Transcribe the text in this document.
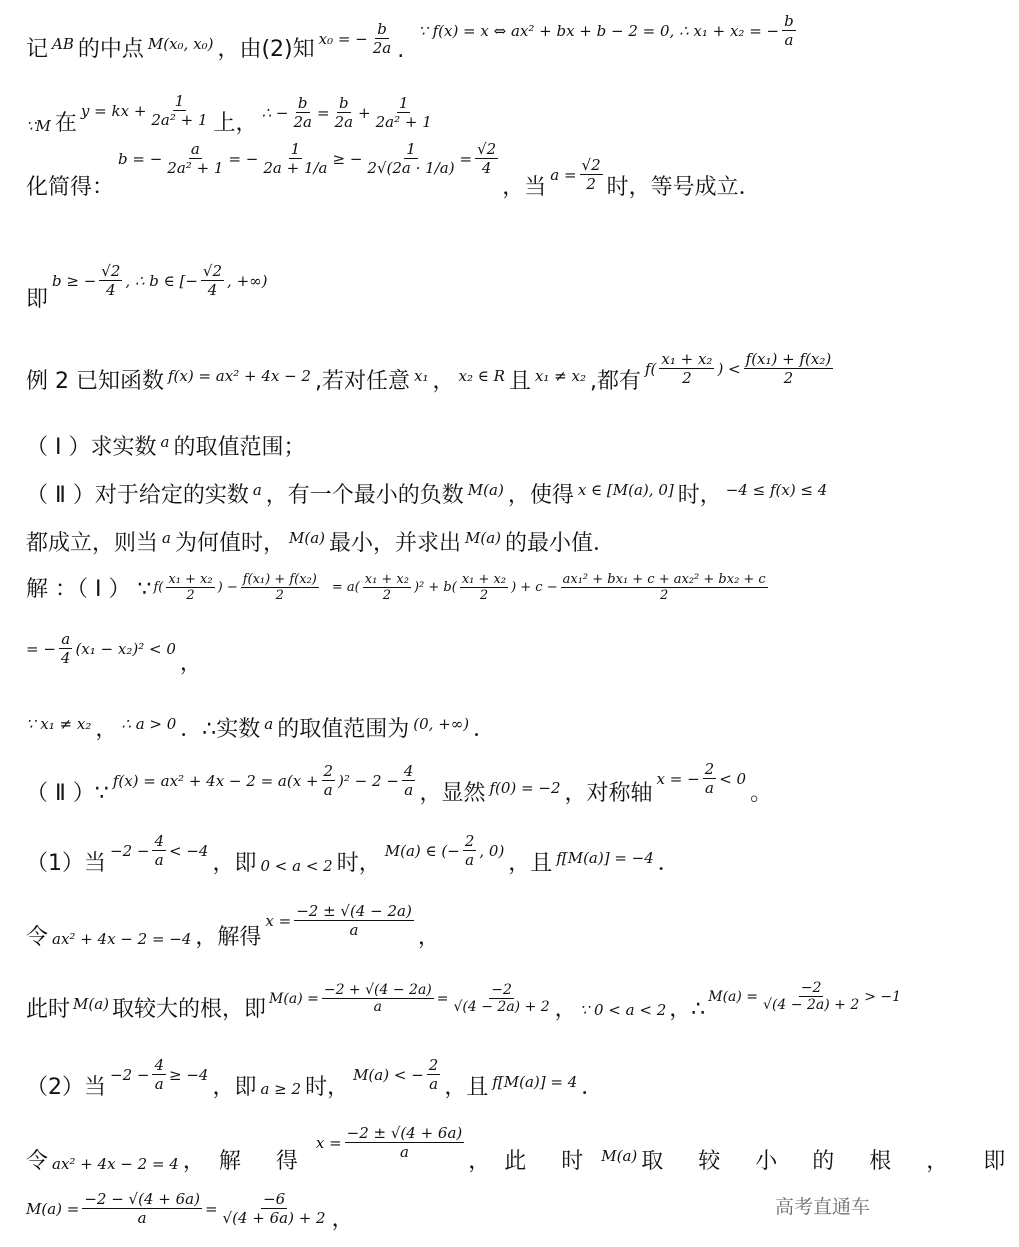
记 AB 的中点 M(x₀, x₀) ，由(2)知 x₀ = − $\frac{b}{2a}$ .
∵ f(x) = x ⇔ ax² + bx + b − 2 = 0, ∴ x₁ + x₂ = − $\frac{b}{a}$
∵M 在
y = kx + $\frac{1}{\text{2a² + 1}}$ 上， ∴ − $\frac{b}{2a} = \frac{b}{2a} + \frac{1}{\text{2a² + 1}}$
化简得：
b = − $\frac{a}{\text{2a² + 1}}$ = − $\frac{1}{2a + 1/a}$ ≥ − $\frac{1}{2√(2a \cdot 1/a)} = \frac{√2}{4}$
，当
$a = \frac{√2}{2}$ 时，等号成立．
即
b ≥ − $\frac{√2}{4}$ , ∴ b ∈ [− $\frac{√2}{4}$ , +∞)
例 2 已知函数 f(x) = ax² + 4x − 2 ,若对任意 x₁ ， x₂ ∈ R 且 x₁ ≠ x₂ ,都有
$f( \frac{\text{x₁ + x₂}}{2}$ ) < $\frac{\text{f(x₁) + f(x₂)}}{2}$
（ Ⅰ ）求实数 a 的取值范围；
（ Ⅱ ）对于给定的实数 a ，有一个最小的负数 M(a) ，使得 x ∈ [M(a), 0] 时， −4 ≤ f(x) ≤ 4
都成立，则当 a 为何值时， M(a) 最小，并求出 M(a) 的最小值．
解 ：（ Ⅰ ） ∵ $f( \frac{\text{x₁ + x₂}}{2}$ ) − $\frac{\text{f(x₁) + f(x₂)}}{2} = a( \frac{\text{x₁ + x₂}}{2} )^2 + b( \frac{\text{x₁ + x₂}}{2}$ ) + $c - \frac{\text{ax₁² + bx₁ + c + ax₂² + bx₂ + c}}{2}$
= − $\frac{a}{4} (x_1 - x_2)^2 < 0$
，
∵ x₁ ≠ x₂ ， ∴ a > 0 ．∴实数 a 的取值范围为 (0, +∞) ．
（ Ⅱ ）∵
$f(x) = ax^2 + 4x - 2 = a(x + \frac{2}{a} )^2 - 2 - \frac{4}{a}$ ，显然 f(0) = −2 ，对称轴
x = − $\frac{2}{a} < 0$
。
（1）当
$-2 - \frac{4}{a} < -4$
，即 0 < a < 2 时，
M(a) ∈ (− $\frac{2}{a}$ , 0)
，且 f[M(a)] = −4 ．
令 ax² + 4x − 2 = −4 ，解得
$x = \frac{-2 \pm √(4 - 2a)}{a}$ ，
此时 M(a) 取较大的根，即 $M(a) = \frac{-2 + √(4 - 2a)}{a} = \frac{-2}{√(4 - 2a) + 2}$ ， ∵ 0 < a < 2 ，∴
$M(a) = \frac{-2}{√(4 - 2a) + 2} > -1$
（2）当
$-2 - \frac{4}{a} \ge -4$
，即 a ≥ 2 时，
M(a) < − $\frac{2}{a}$ ，且 f[M(a)] = 4 ．
令 ax² + 4x − 2 = 4 ，解 得
$x = \frac{-2 \pm √(4 + 6a)}{a}$
，此 时 M(a) 取 较 小 的 根 ， 即
$M(a) = \frac{-2 - √(4 + 6a)}{a} = \frac{-6}{√(4 + 6a) + 2}$ ，	高考直通车
